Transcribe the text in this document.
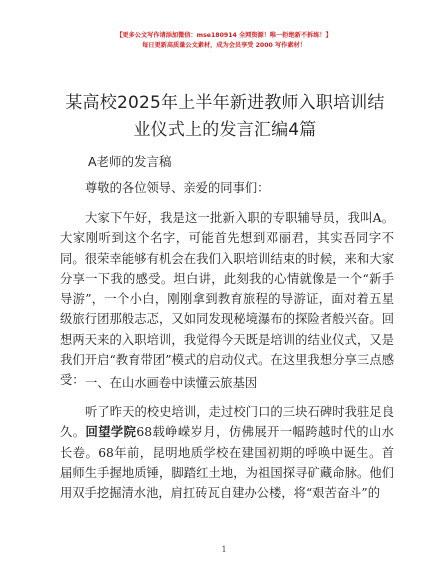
【更多公文写作请添加微信：mse180914 全网资源！唯一拒绝新不拆练！】
每日更新高质量公文素材，成为会员享受 2000 写作素材！
某高校2025年上半年新进教师入职培训结业仪式上的发言汇编4篇
A老师的发言稿
尊敬的各位领导、亲爱的同事们：
大家下午好，我是这一批新入职的专职辅导员，我叫A。大家刚听到这个名字，可能首先想到邓丽君，其实吾同字不同。很荣幸能够有机会在我们入职培训结束的时候，来和大家分享一下我的感受。坦白讲，此刻我的心情就像是一个“新手导游”，一个小白，刚刚拿到教育旅程的导游证，面对着五星级旅行团那般志忑，又如同发现秘境瀑布的探险者般兴奋。回想两天来的入职培训，我觉得今天既是培训的结业仪式，又是我们开启“教育带团”模式的启动仪式。在这里我想分享三点感受： 一、在山水画卷中读懂云旅基因
听了昨天的校史培训，走过校门口的三块石碑时我驻足良久。回望学院68载峥嵘岁月，仿佛展开一幅跨越时代的山水长卷。68年前，昆明地质学校在建国初期的呼唤中诞生。首届师生手握地质锤，脚踏红土地，为祖国探寻矿藏命脉。他们用双手挖掘清水池，肩扛砖瓦自建办公楼，将“艰苦奋斗”的
1
